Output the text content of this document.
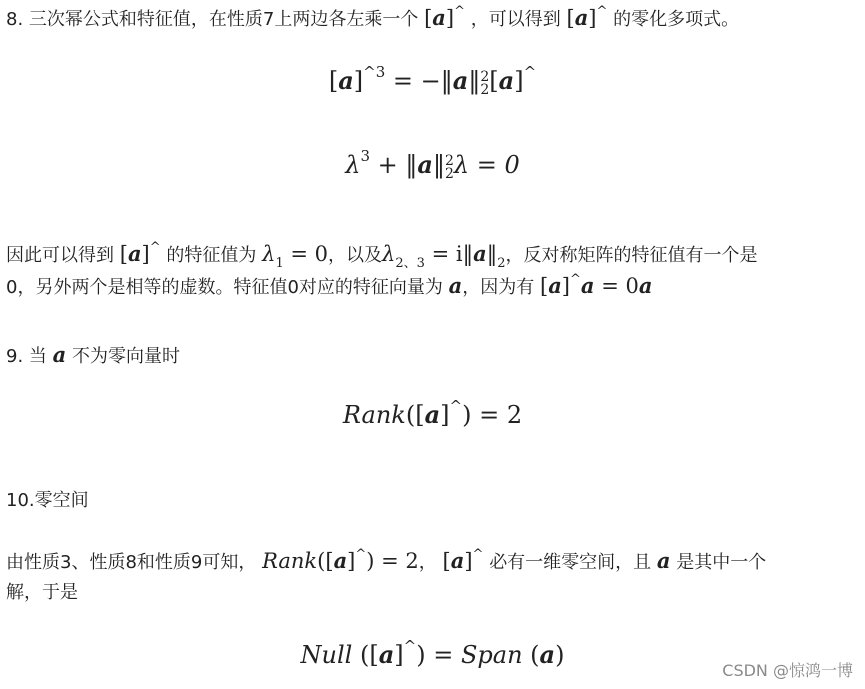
8. 三次幂公式和特征值，在性质7上两边各左乘一个 [a]^ ，可以得到 [a]^ 的零化多项式。

$[a]^{\^{}3}$ = −‖a‖ 2
2 [a]^
$\lambda^3$ + ‖a‖ 2
2 λ = 0

因此可以得到 [a]^ 的特征值为 $\lambda_1 = 0$，以及$\lambda_{2、3}$ = $i‖a‖_2$，反对称矩阵的特征值有一个是
0，另外两个是相等的虚数。特征值0对应的特征向量为 a，因为有 [a]^a = 0a

9. 当 a 不为零向量时

Rank([a]^) = 2

10.零空间

由性质3、性质8和性质9可知， Rank([a]^) = 2， [a]^ 必有一维零空间，且 a 是其中一个
解，于是

Null ([a]^) = Span (a)
CSDN @惊鸿一博
